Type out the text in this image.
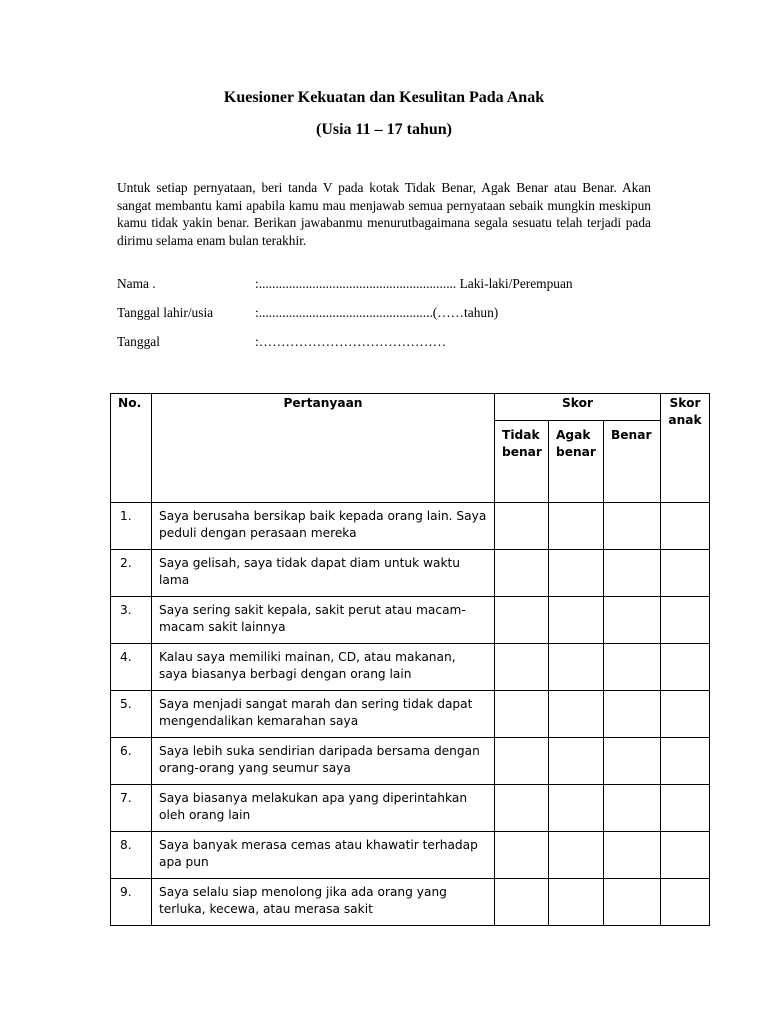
Kuesioner Kekuatan dan Kesulitan Pada Anak
(Usia 11 – 17 tahun)
Untuk setiap pernyataan, beri tanda V pada kotak Tidak Benar, Agak Benar atau Benar. Akan sangat membantu kami apabila kamu mau menjawab semua pernyataan sebaik mungkin meskipun kamu tidak yakin benar. Berikan jawabanmu menurutbagaimana segala sesuatu telah terjadi pada dirimu selama enam bulan terakhir.
Nama .	:........................................................... Laki-laki/Perempuan
Tanggal lahir/usia	:....................................................(……tahun)
Tanggal	:……………………………………
No.	Pertanyaan	Skor			Skor anak
		Tidak benar	Agak benar	Benar	
1.	Saya berusaha bersikap baik kepada orang lain. Saya peduli dengan perasaan mereka				
2.	Saya gelisah, saya tidak dapat diam untuk waktu lama				
3.	Saya sering sakit kepala, sakit perut atau macam-macam sakit lainnya				
4.	Kalau saya memiliki mainan, CD, atau makanan, saya biasanya berbagi dengan orang lain				
5.	Saya menjadi sangat marah dan sering tidak dapat mengendalikan kemarahan saya				
6.	Saya lebih suka sendirian daripada bersama dengan orang-orang yang seumur saya				
7.	Saya biasanya melakukan apa yang diperintahkan oleh orang lain				
8.	Saya banyak merasa cemas atau khawatir terhadap apa pun				
9.	Saya selalu siap menolong jika ada orang yang terluka, kecewa, atau merasa sakit				
